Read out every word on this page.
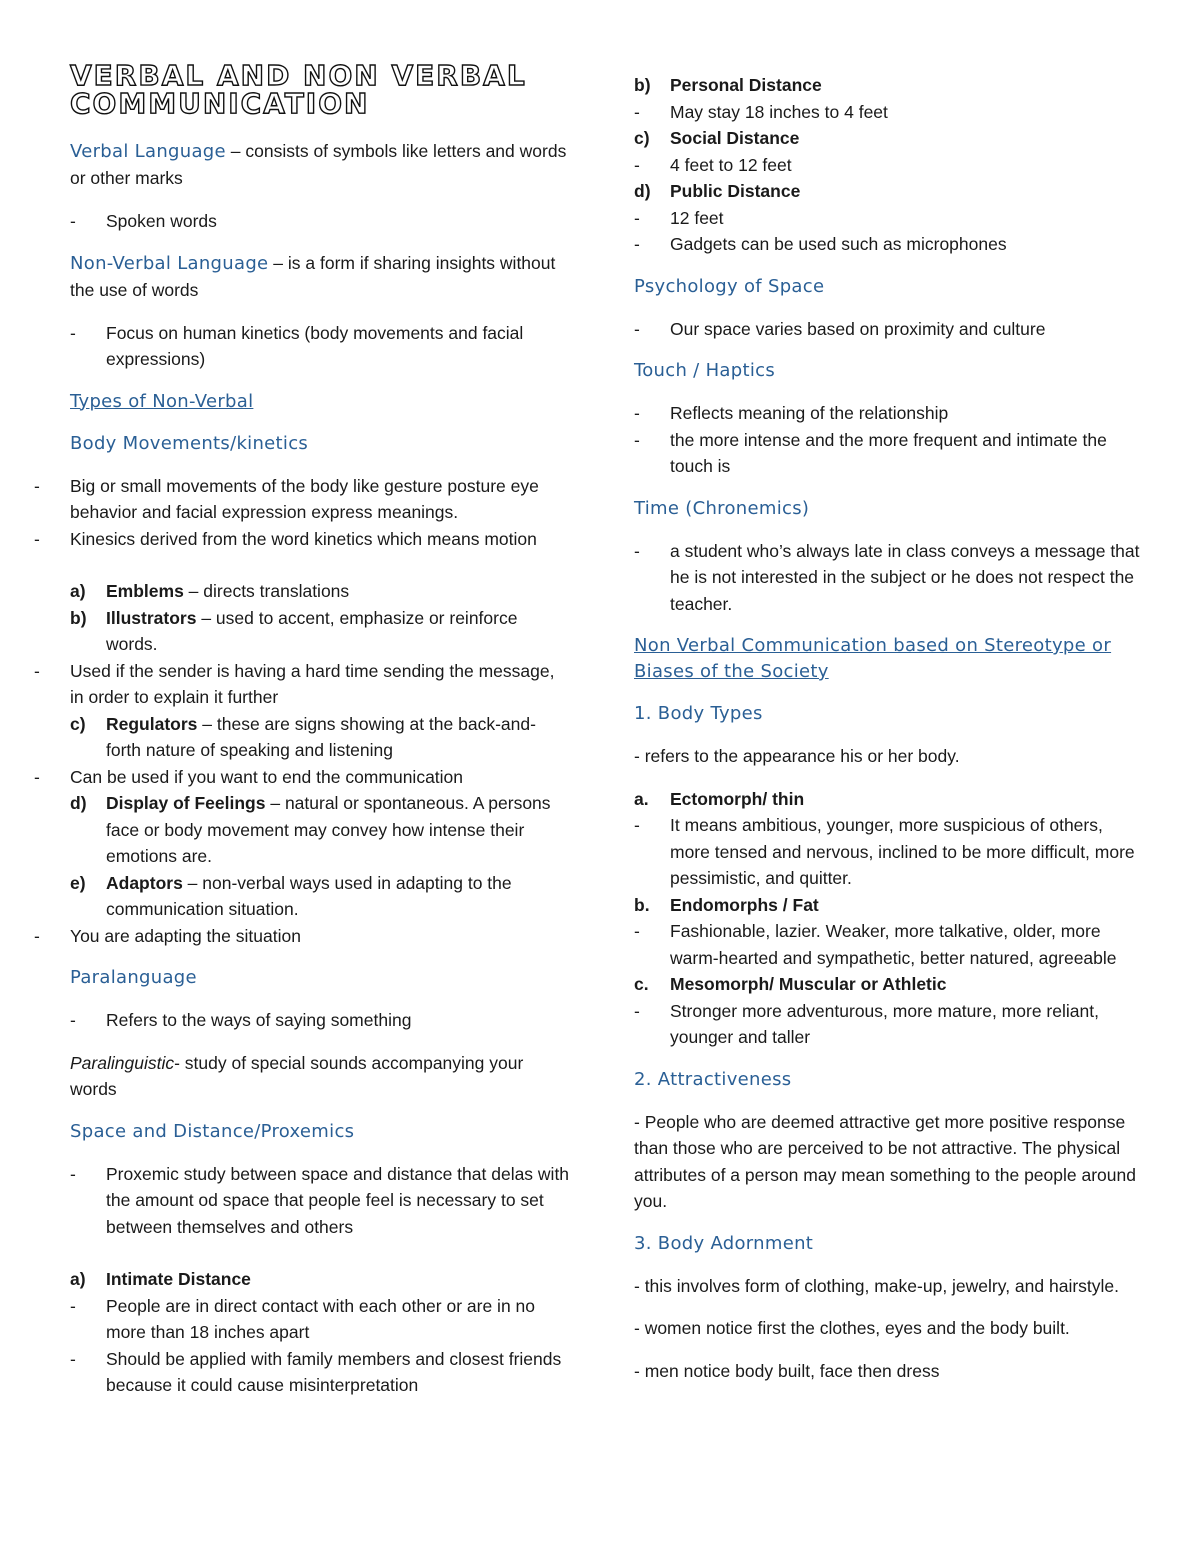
VERBAL AND NON VERBAL
COMMUNICATION

Verbal Language – consists of symbols like letters and words or other marks

-	Spoken words

Non-Verbal Language – is a form if sharing insights without the use of words

-	Focus on human kinetics (body movements and facial expressions)

Types of Non-Verbal

Body Movements/kinetics

-	Big or small movements of the body like gesture posture eye behavior and facial expression express meanings.
-	Kinesics derived from the word kinetics which means motion
a)	Emblems – directs translations
b)	Illustrators – used to accent, emphasize or reinforce words.
-	Used if the sender is having a hard time sending the message, in order to explain it further
c)	Regulators – these are signs showing at the back-and-forth nature of speaking and listening
-	Can be used if you want to end the communication
d)	Display of Feelings – natural or spontaneous. A persons face or body movement may convey how intense their emotions are.
e)	Adaptors – non-verbal ways used in adapting to the communication situation.
-	You are adapting the situation

Paralanguage

-	Refers to the ways of saying something

Paralinguistic- study of special sounds accompanying your words

Space and Distance/Proxemics

-	Proxemic study between space and distance that delas with the amount od space that people feel is necessary to set between themselves and others
a)	Intimate Distance
-	People are in direct contact with each other or are in no more than 18 inches apart
-	Should be applied with family members and closest friends because it could cause misinterpretation
b)	Personal Distance
-	May stay 18 inches to 4 feet
c)	Social Distance
-	4 feet to 12 feet
d)	Public Distance
-	12 feet
-	Gadgets can be used such as microphones

Psychology of Space

-	Our space varies based on proximity and culture

Touch / Haptics

-	Reflects meaning of the relationship
-	the more intense and the more frequent and intimate the touch is

Time (Chronemics)

-	a student who’s always late in class conveys a message that he is not interested in the subject or he does not respect the teacher.

Non Verbal Communication based on Stereotype or Biases of the Society

1. Body Types

- refers to the appearance his or her body.

a.	Ectomorph/ thin
-	It means ambitious, younger, more suspicious of others, more tensed and nervous, inclined to be more difficult, more pessimistic, and quitter.
b.	Endomorphs / Fat
-	Fashionable, lazier. Weaker, more talkative, older, more warm-hearted and sympathetic, better natured, agreeable
c.	Mesomorph/ Muscular or Athletic
-	Stronger more adventurous, more mature, more reliant, younger and taller

2. Attractiveness

- People who are deemed attractive get more positive response than those who are perceived to be not attractive. The physical attributes of a person may mean something to the people around you.

3. Body Adornment

- this involves form of clothing, make-up, jewelry, and hairstyle.

- women notice first the clothes, eyes and the body built.

- men notice body built, face then dress
